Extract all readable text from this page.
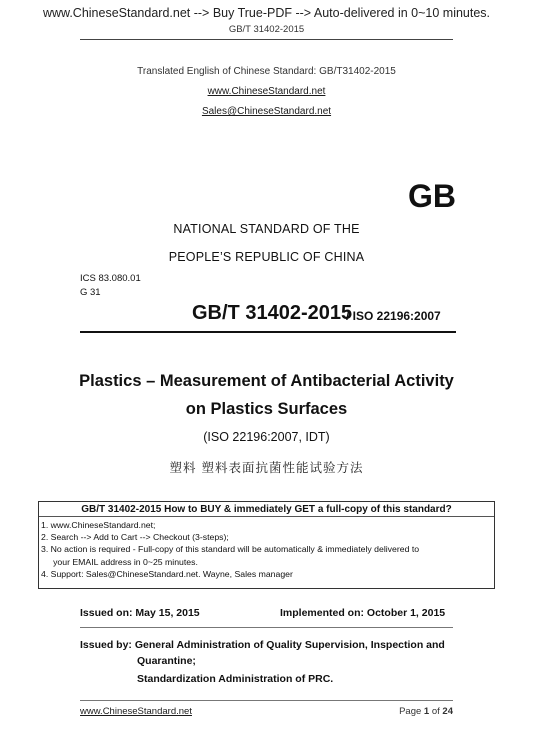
www.ChineseStandard.net --> Buy True-PDF --> Auto-delivered in 0~10 minutes.
GB/T 31402-2015
Translated English of Chinese Standard: GB/T31402-2015
www.ChineseStandard.net
Sales@ChineseStandard.net
GB
NATIONAL STANDARD OF THE
PEOPLE’S REPUBLIC OF CHINA
ICS 83.080.01
G 31
GB/T 31402-2015
/ ISO 22196:2007
Plastics – Measurement of Antibacterial Activity
on Plastics Surfaces
(ISO 22196:2007, IDT)
塑料 塑料表面抗菌性能试验方法
GB/T 31402-2015 How to BUY & immediately GET a full-copy of this standard?
1. www.ChineseStandard.net;
2. Search --> Add to Cart --> Checkout (3-steps);
3. No action is required - Full-copy of this standard will be automatically & immediately delivered to
your EMAIL address in 0~25 minutes.
4. Support: Sales@ChineseStandard.net. Wayne, Sales manager
Issued on: May 15, 2015	Implemented on: October 1, 2015
Issued by: General Administration of Quality Supervision, Inspection and
Quarantine;
Standardization Administration of PRC.
www.ChineseStandard.net	Page 1 of 24
